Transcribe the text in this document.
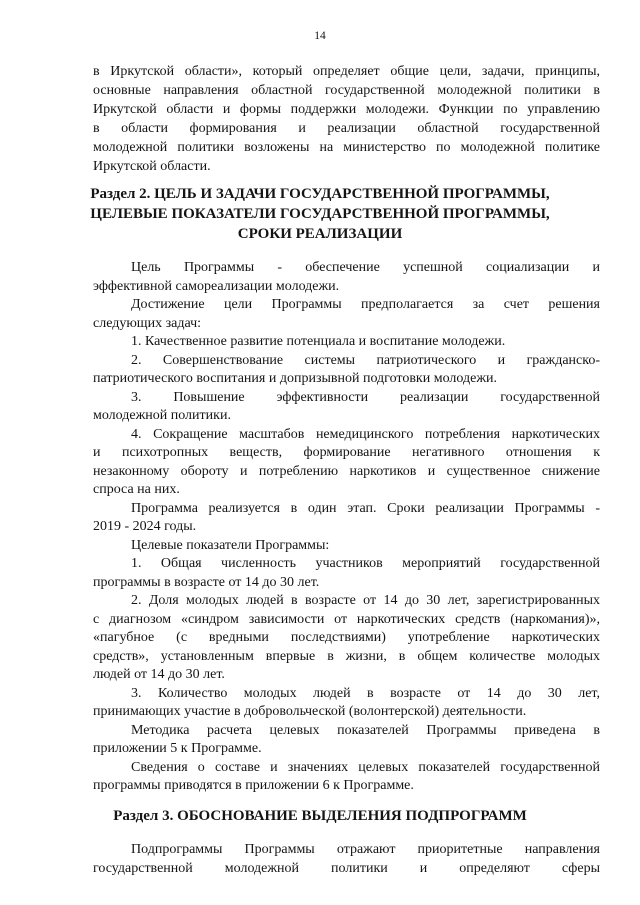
14

в Иркутской области», который определяет общие цели, задачи, принципы,

основные направления областной государственной молодежной политики в

Иркутской области и формы поддержки молодежи. Функции по управлению

в области формирования и реализации областной государственной

молодежной политики возложены на министерство по молодежной политике

Иркутской области.

Раздел 2. ЦЕЛЬ И ЗАДАЧИ ГОСУДАРСТВЕННОЙ ПРОГРАММЫ,

ЦЕЛЕВЫЕ ПОКАЗАТЕЛИ ГОСУДАРСТВЕННОЙ ПРОГРАММЫ,

СРОКИ РЕАЛИЗАЦИИ

Цель Программы - обеспечение успешной социализации и

эффективной самореализации молодежи.

Достижение цели Программы предполагается за счет решения

следующих задач:

1. Качественное развитие потенциала и воспитание молодежи.

2. Совершенствование системы патриотического и гражданско-

патриотического воспитания и допризывной подготовки молодежи.

3. Повышение эффективности реализации государственной

молодежной политики.

4. Сокращение масштабов немедицинского потребления наркотических

и психотропных веществ, формирование негативного отношения к

незаконному обороту и потреблению наркотиков и существенное снижение

спроса на них.

Программа реализуется в один этап. Сроки реализации Программы -

2019 - 2024 годы.

Целевые показатели Программы:

1. Общая численность участников мероприятий государственной

программы в возрасте от 14 до 30 лет.

2. Доля молодых людей в возрасте от 14 до 30 лет, зарегистрированных

с диагнозом «синдром зависимости от наркотических средств (наркомания)»,

«пагубное (с вредными последствиями) употребление наркотических

средств», установленным впервые в жизни, в общем количестве молодых

людей от 14 до 30 лет.

3. Количество молодых людей в возрасте от 14 до 30 лет,

принимающих участие в добровольческой (волонтерской) деятельности.

Методика расчета целевых показателей Программы приведена в

приложении 5 к Программе.

Сведения о составе и значениях целевых показателей государственной

программы приводятся в приложении 6 к Программе.

Раздел 3. ОБОСНОВАНИЕ ВЫДЕЛЕНИЯ ПОДПРОГРАММ

Подпрограммы Программы отражают приоритетные направления

государственной молодежной политики и определяют сферы
